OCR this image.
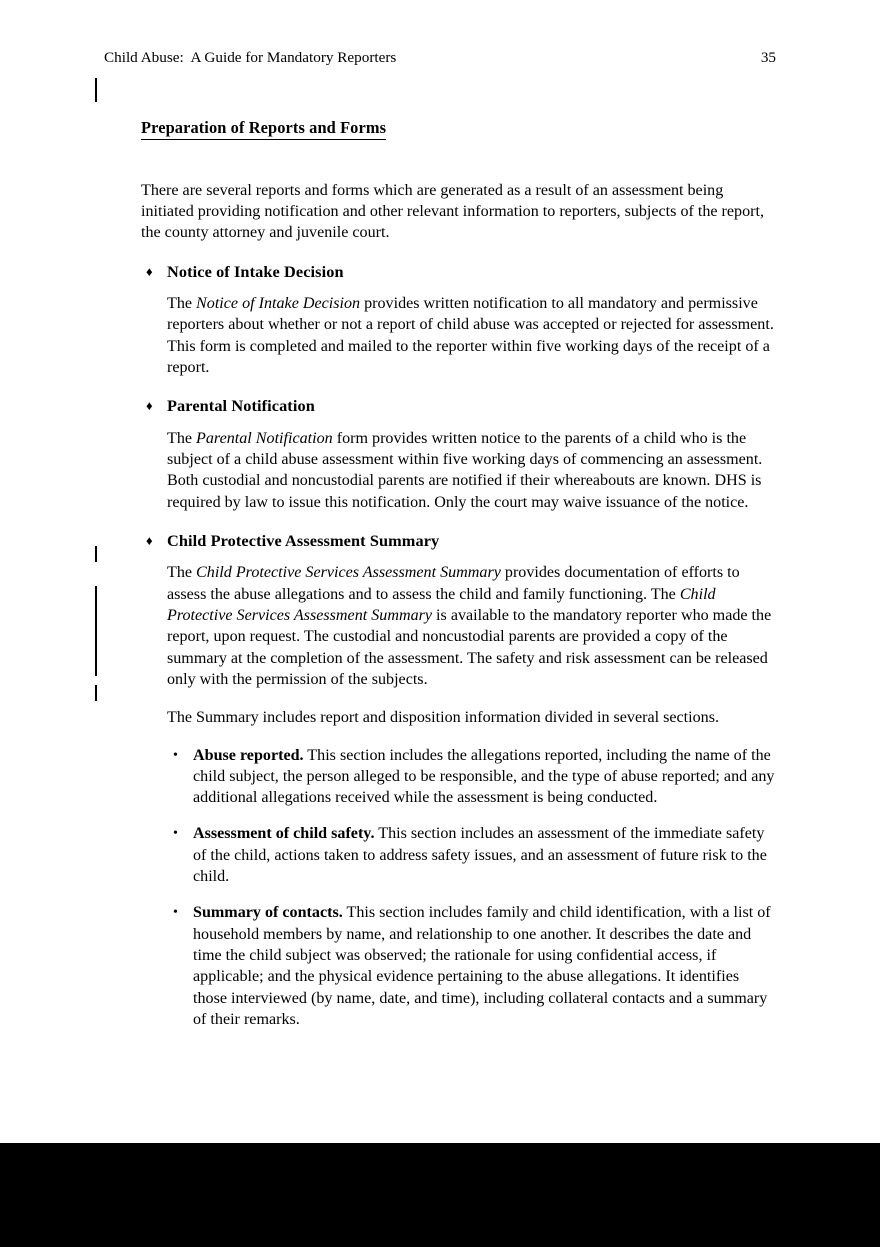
Child Abuse:  A Guide for Mandatory Reporters	35
Preparation of Reports and Forms

There are several reports and forms which are generated as a result of an assessment being initiated providing notification and other relevant information to reporters, subjects of the report, the county attorney and juvenile court.

♦ Notice of Intake Decision

The Notice of Intake Decision provides written notification to all mandatory and permissive reporters about whether or not a report of child abuse was accepted or rejected for assessment. This form is completed and mailed to the reporter within five working days of the receipt of a report.

♦ Parental Notification

The Parental Notification form provides written notice to the parents of a child who is the subject of a child abuse assessment within five working days of commencing an assessment. Both custodial and noncustodial parents are notified if their whereabouts are known. DHS is required by law to issue this notification. Only the court may waive issuance of the notice.

♦ Child Protective Assessment Summary

The Child Protective Services Assessment Summary provides documentation of efforts to assess the abuse allegations and to assess the child and family functioning. The Child Protective Services Assessment Summary is available to the mandatory reporter who made the report, upon request. The custodial and noncustodial parents are provided a copy of the summary at the completion of the assessment. The safety and risk assessment can be released only with the permission of the subjects.

The Summary includes report and disposition information divided in several sections.

• Abuse reported. This section includes the allegations reported, including the name of the child subject, the person alleged to be responsible, and the type of abuse reported; and any additional allegations received while the assessment is being conducted.
• Assessment of child safety. This section includes an assessment of the immediate safety of the child, actions taken to address safety issues, and an assessment of future risk to the child.
• Summary of contacts. This section includes family and child identification, with a list of household members by name, and relationship to one another. It describes the date and time the child subject was observed; the rationale for using confidential access, if applicable; and the physical evidence pertaining to the abuse allegations. It identifies those interviewed (by name, date, and time), including collateral contacts and a summary of their remarks.
